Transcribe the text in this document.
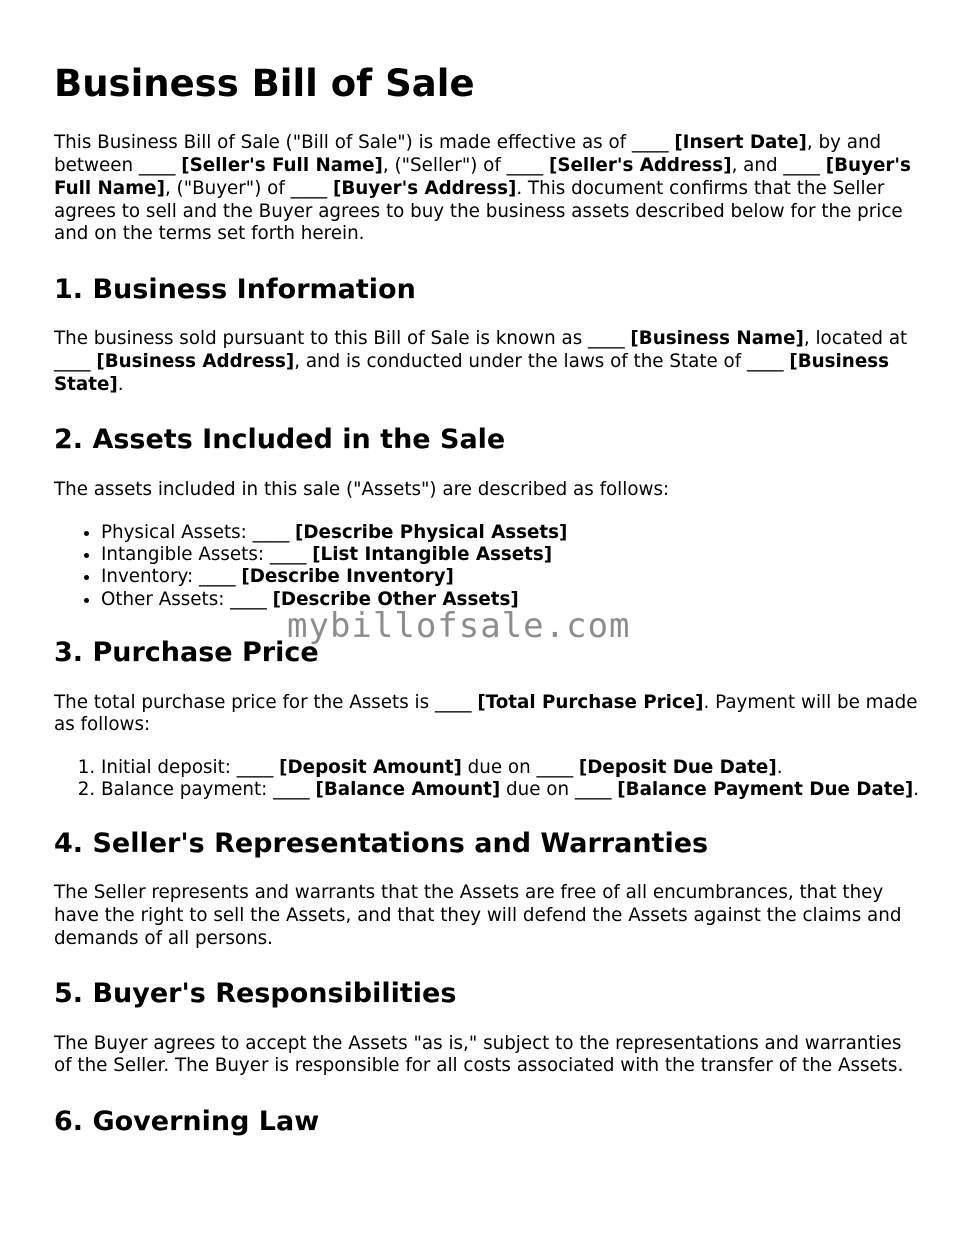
Business Bill of Sale

This Business Bill of Sale ("Bill of Sale") is made effective as of ____ [Insert Date], by and between ____ [Seller's Full Name], ("Seller") of ____ [Seller's Address], and ____ [Buyer's Full Name], ("Buyer") of ____ [Buyer's Address]. This document confirms that the Seller agrees to sell and the Buyer agrees to buy the business assets described below for the price and on the terms set forth herein.

1. Business Information

The business sold pursuant to this Bill of Sale is known as ____ [Business Name], located at ____ [Business Address], and is conducted under the laws of the State of ____ [Business State].

2. Assets Included in the Sale

The assets included in this sale ("Assets") are described as follows:

• Physical Assets: ____ [Describe Physical Assets]
• Intangible Assets: ____ [List Intangible Assets]
• Inventory: ____ [Describe Inventory]
• Other Assets: ____ [Describe Other Assets]
3. Purchase Price

The total purchase price for the Assets is ____ [Total Purchase Price]. Payment will be made as follows:

1. Initial deposit: ____ [Deposit Amount] due on ____ [Deposit Due Date].
2. Balance payment: ____ [Balance Amount] due on ____ [Balance Payment Due Date].
4. Seller's Representations and Warranties

The Seller represents and warrants that the Assets are free of all encumbrances, that they have the right to sell the Assets, and that they will defend the Assets against the claims and demands of all persons.

5. Buyer's Responsibilities

The Buyer agrees to accept the Assets "as is," subject to the representations and warranties of the Seller. The Buyer is responsible for all costs associated with the transfer of the Assets.

6. Governing Law
mybillofsale.com
